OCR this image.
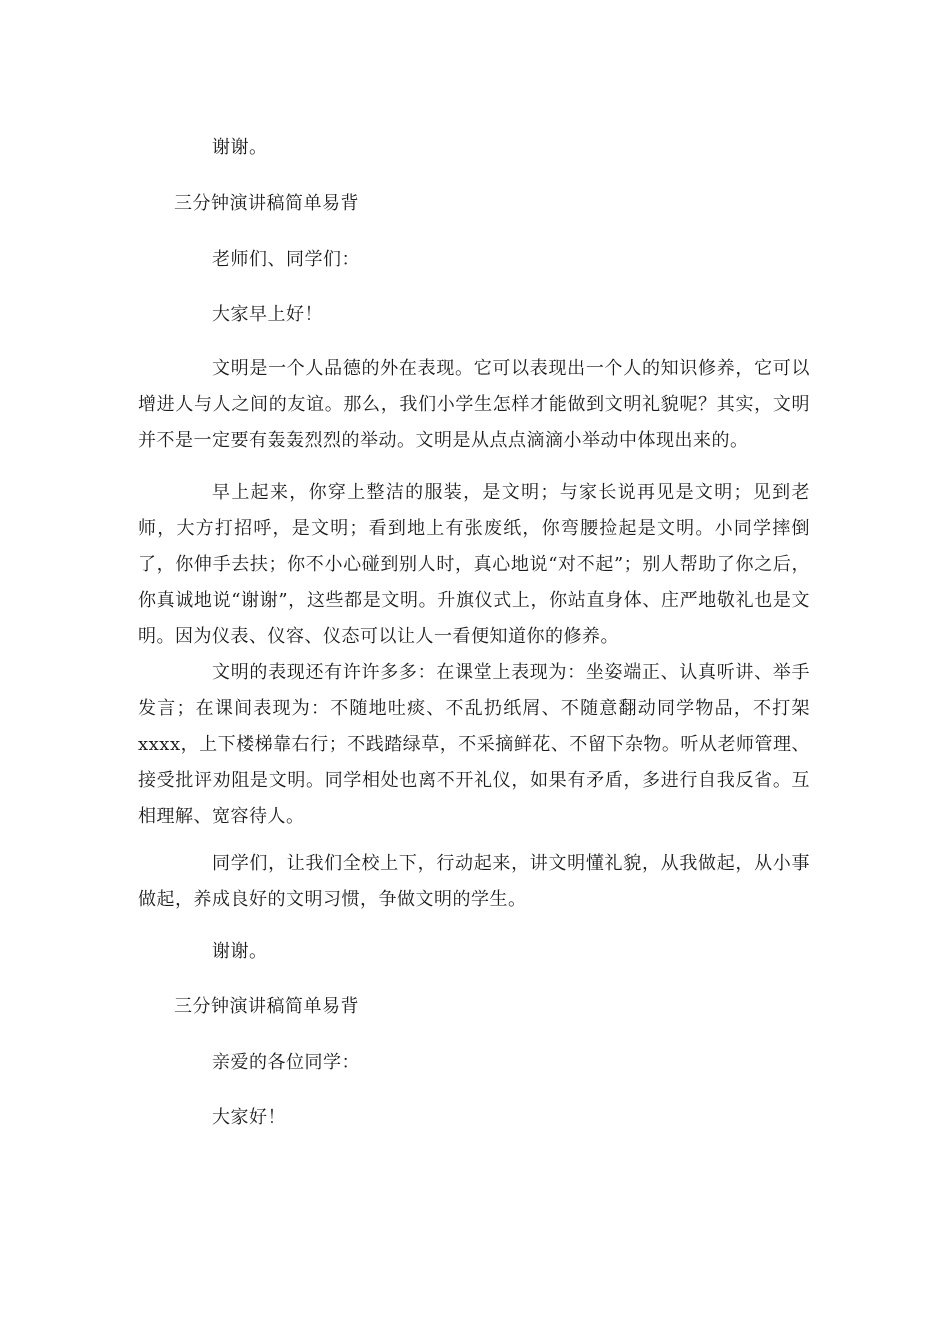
谢谢。
三分钟演讲稿简单易背
老师们、同学们：
大家早上好！
文明是一个人品德的外在表现。它可以表现出一个人的知识修养，它可以增进人与人之间的友谊。那么，我们小学生怎样才能做到文明礼貌呢？其实，文明并不是一定要有轰轰烈烈的举动。文明是从点点滴滴小举动中体现出来的。
早上起来，你穿上整洁的服装，是文明；与家长说再见是文明；见到老师，大方打招呼，是文明；看到地上有张废纸，你弯腰捡起是文明。小同学摔倒了，你伸手去扶；你不小心碰到别人时，真心地说“对不起”；别人帮助了你之后，你真诚地说“谢谢”，这些都是文明。升旗仪式上，你站直身体、庄严地敬礼也是文明。因为仪表、仪容、仪态可以让人一看便知道你的修养。
文明的表现还有许许多多：在课堂上表现为：坐姿端正、认真听讲、举手发言；在课间表现为：不随地吐痰、不乱扔纸屑、不随意翻动同学物品，不打架xxxx，上下楼梯靠右行；不践踏绿草，不采摘鲜花、不留下杂物。听从老师管理、接受批评劝阻是文明。同学相处也离不开礼仪，如果有矛盾，多进行自我反省。互相理解、宽容待人。
同学们，让我们全校上下，行动起来，讲文明懂礼貌，从我做起，从小事做起，养成良好的文明习惯，争做文明的学生。
谢谢。
三分钟演讲稿简单易背
亲爱的各位同学：
大家好！
